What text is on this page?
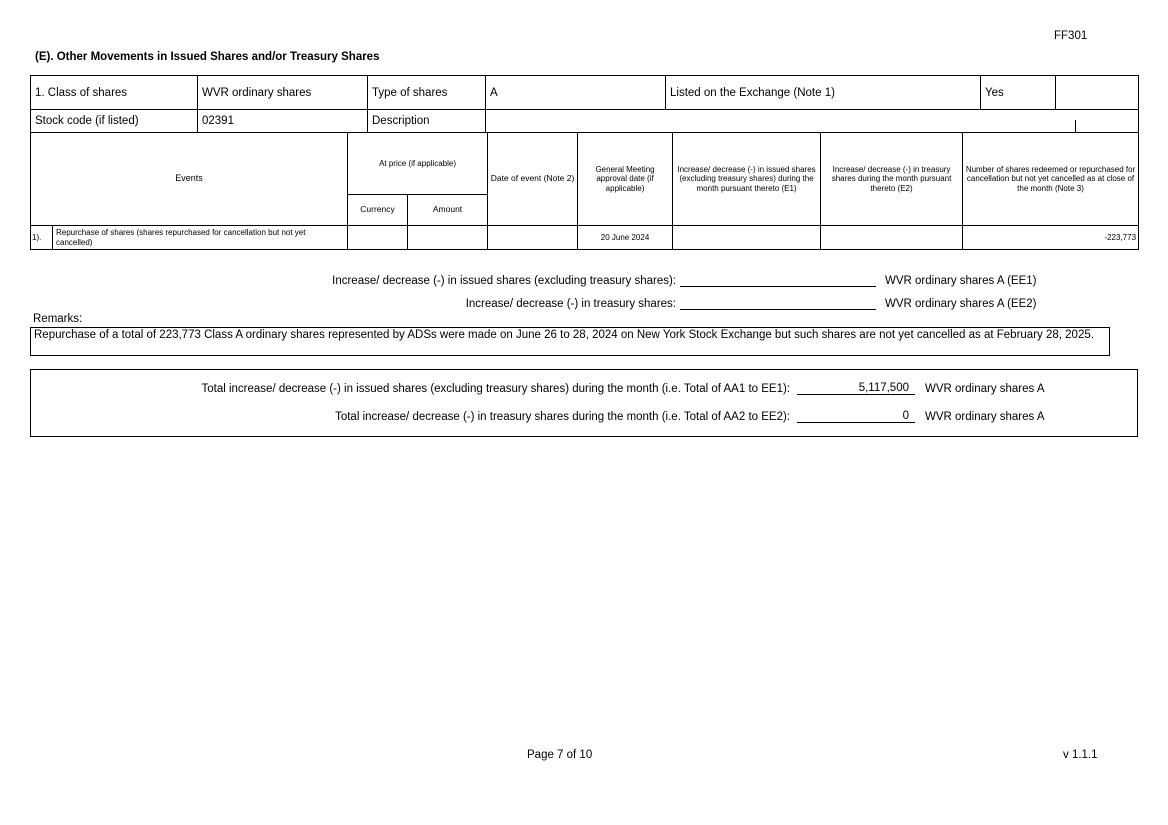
FF301
(E). Other Movements in Issued Shares and/or Treasury Shares
1. Class of shares	WVR ordinary shares	Type of shares	A	Listed on the Exchange (Note 1)	Yes	
Stock code (if listed)	02391	Description	
Events		At price (if applicable)		Date of event (Note 2)	General Meeting approval date (if applicable)	Increase/ decrease (-) in issued shares (excluding treasury shares) during the month pursuant thereto (E1)	Increase/ decrease (-) in treasury shares during the month pursuant thereto (E2)	Number of shares redeemed or repurchased for cancellation but not yet cancelled as at close of the month (Note 3)
		Currency	Amount					
1).	Repurchase of shares (shares repurchased for cancellation but not yet cancelled)				20 June 2024			-223,773
Increase/ decrease (-) in issued shares (excluding treasury shares):	WVR ordinary shares A (EE1)
Increase/ decrease (-) in treasury shares:	WVR ordinary shares A (EE2)
Remarks:
Repurchase of a total of 223,773 Class A ordinary shares represented by ADSs were made on June 26 to 28, 2024 on New York Stock Exchange but such shares are not yet cancelled as at February 28, 2025.
Total increase/ decrease (-) in issued shares (excluding treasury shares) during the month (i.e. Total of AA1 to EE1):	5,117,500	WVR ordinary shares A
Total increase/ decrease (-) in treasury shares during the month (i.e. Total of AA2 to EE2):	0	WVR ordinary shares A
Page 7 of 10	v 1.1.1
